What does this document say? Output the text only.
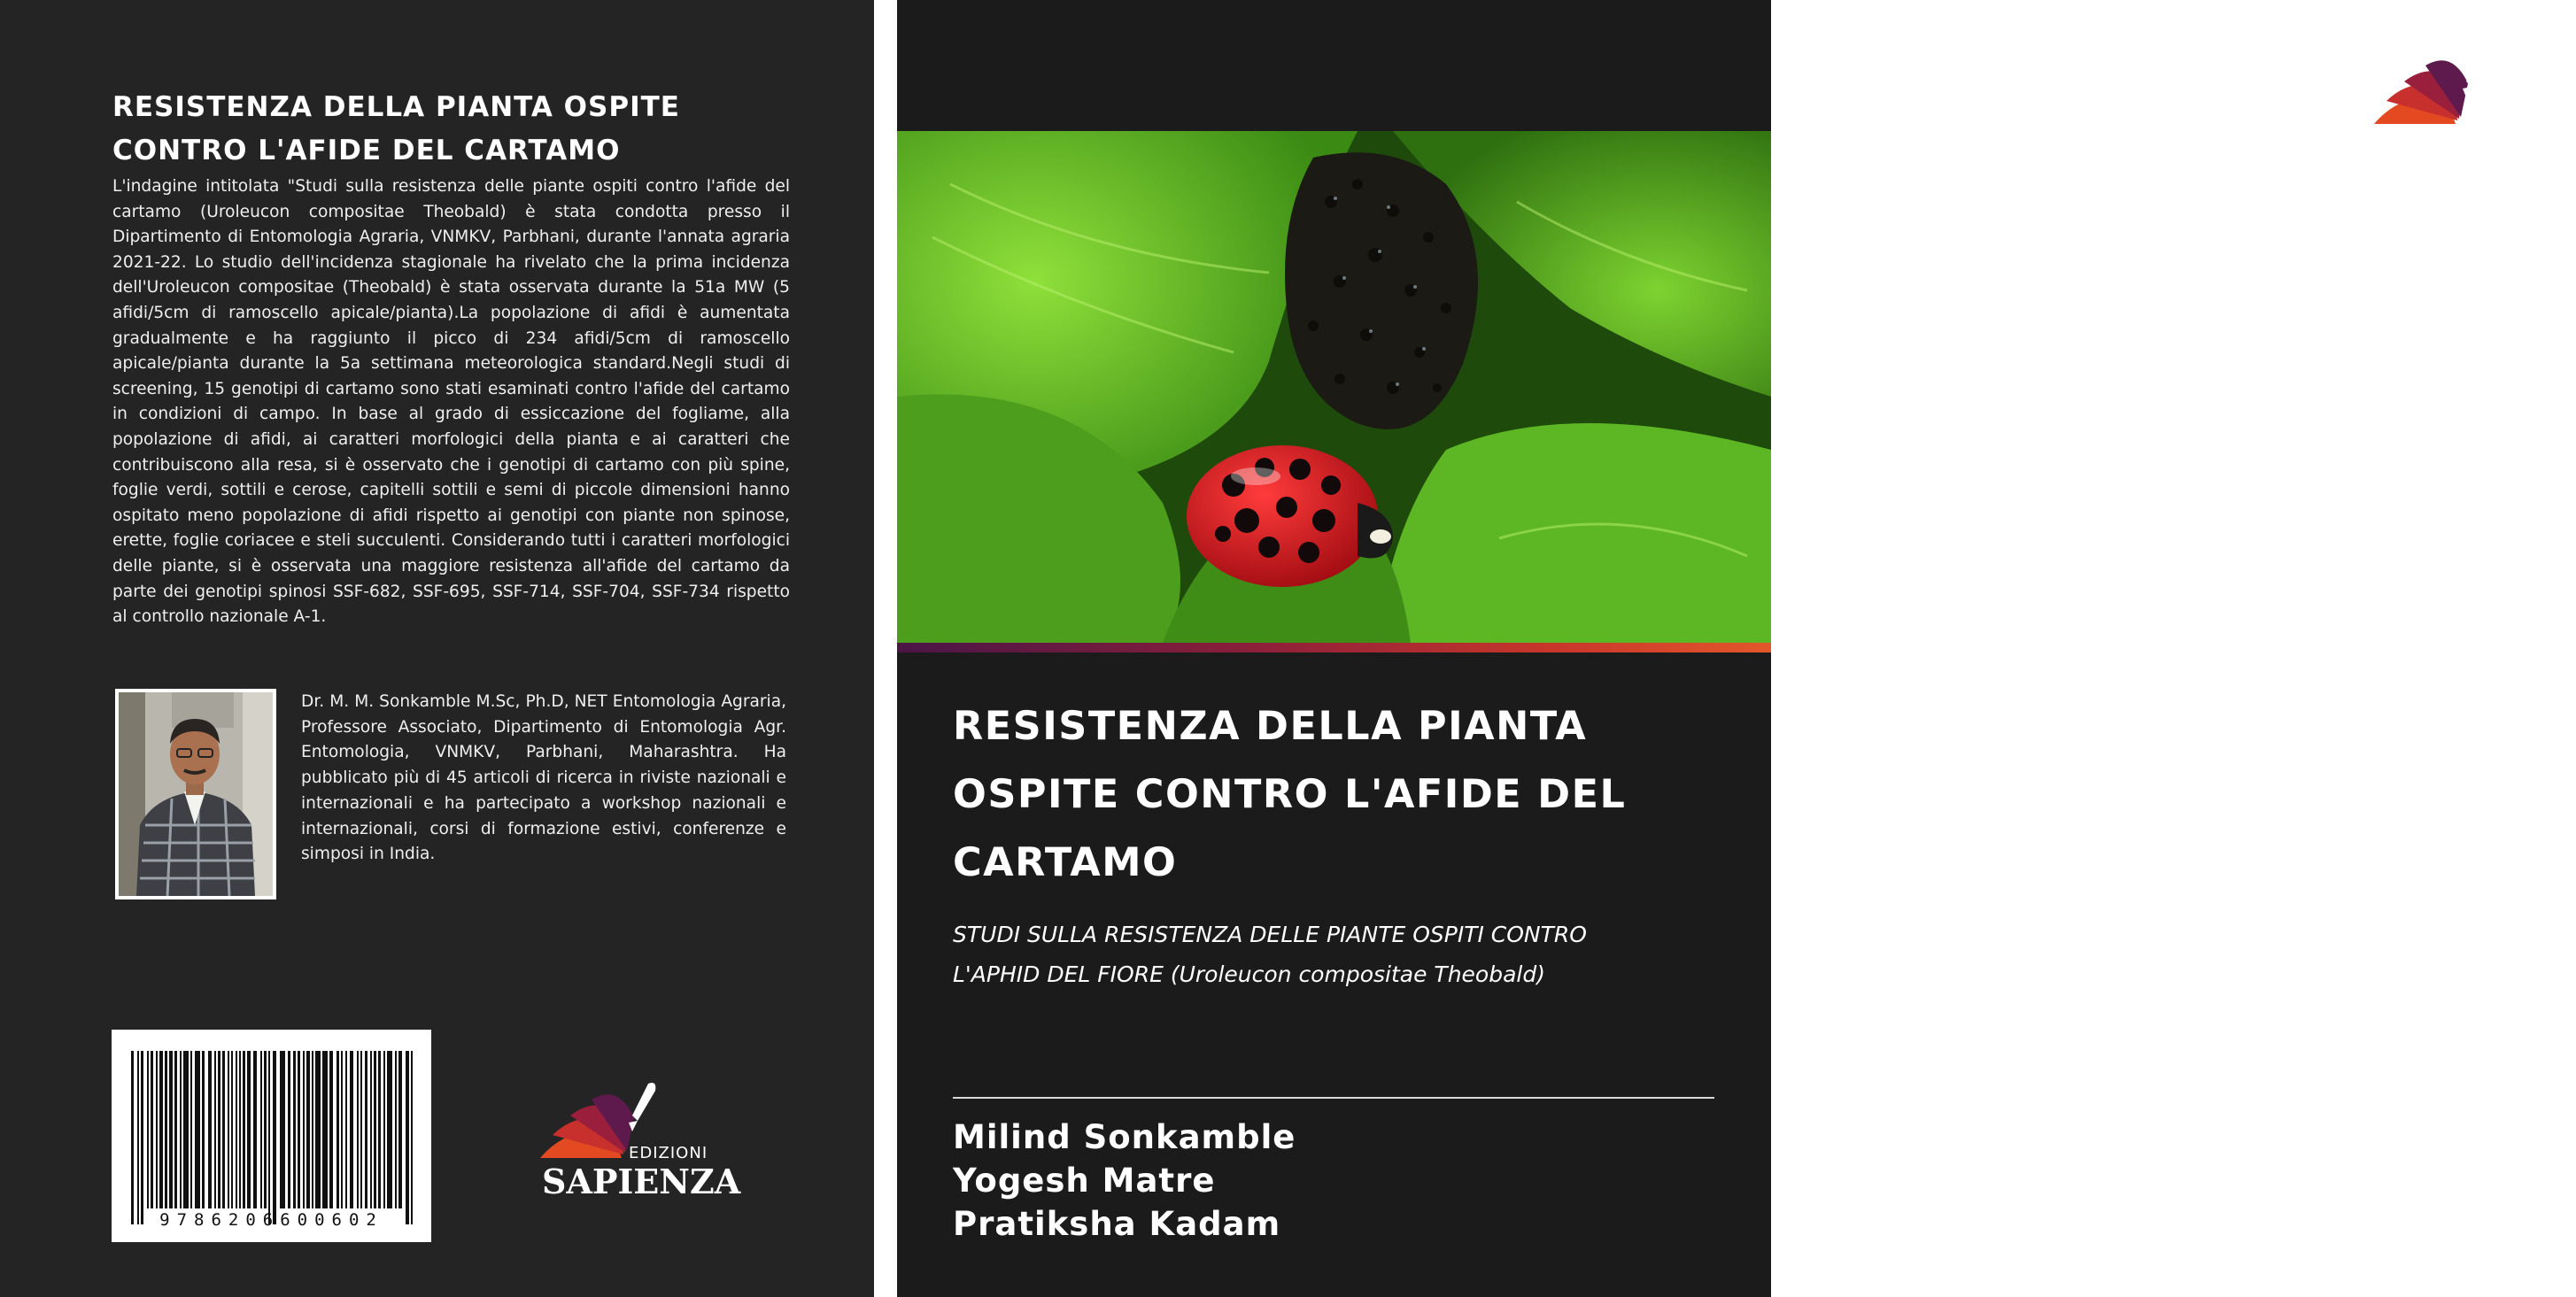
RESISTENZA DELLA PIANTA OSPITE
CONTRO L'AFIDE DEL CARTAMO

L'indagine intitolata "Studi sulla resistenza delle piante ospiti contro l'afide del cartamo (Uroleucon compositae Theobald) è stata condotta presso il Dipartimento di Entomologia Agraria, VNMKV, Parbhani, durante l'annata agraria 2021-22. Lo studio dell'incidenza stagionale ha rivelato che la prima incidenza dell'Uroleucon compositae (Theobald) è stata osservata durante la 51a MW (5 afidi/5cm di ramoscello apicale/pianta).La popolazione di afidi è aumentata gradualmente e ha raggiunto il picco di 234 afidi/5cm di ramoscello apicale/pianta durante la 5a settimana meteorologica standard.Negli studi di screening, 15 genotipi di cartamo sono stati esaminati contro l'afide del cartamo in condizioni di campo. In base al grado di essiccazione del fogliame, alla popolazione di afidi, ai caratteri morfologici della pianta e ai caratteri che contribuiscono alla resa, si è osservato che i genotipi di cartamo con più spine, foglie verdi, sottili e cerose, capitelli sottili e semi di piccole dimensioni hanno ospitato meno popolazione di afidi rispetto ai genotipi con piante non spinose, erette, foglie coriacee e steli succulenti. Considerando tutti i caratteri morfologici delle piante, si è osservata una maggiore resistenza all'afide del cartamo da parte dei genotipi spinosi SSF-682, SSF-695, SSF-714, SSF-704, SSF-734 rispetto al controllo nazionale A-1.

Dr. M. M. Sonkamble M.Sc, Ph.D, NET Entomologia Agraria, Professore Associato, Dipartimento di Entomologia Agr. Entomologia, VNMKV, Parbhani, Maharashtra. Ha pubblicato più di 45 articoli di ricerca in riviste nazionali e internazionali e ha partecipato a workshop nazionali e internazionali, corsi di formazione estivi, conferenze e simposi in India.

9786206600602
EDIZIONI
SAPIENZA
EDIZIONI
SAPIENZA
RESISTENZA DELLA PIANTA
OSPITE CONTRO L'AFIDE DEL
CARTAMO

STUDI SULLA RESISTENZA DELLE PIANTE OSPITI CONTRO
L'APHID DEL FIORE (Uroleucon compositae Theobald)

Milind Sonkamble
Yogesh Matre
Pratiksha Kadam
